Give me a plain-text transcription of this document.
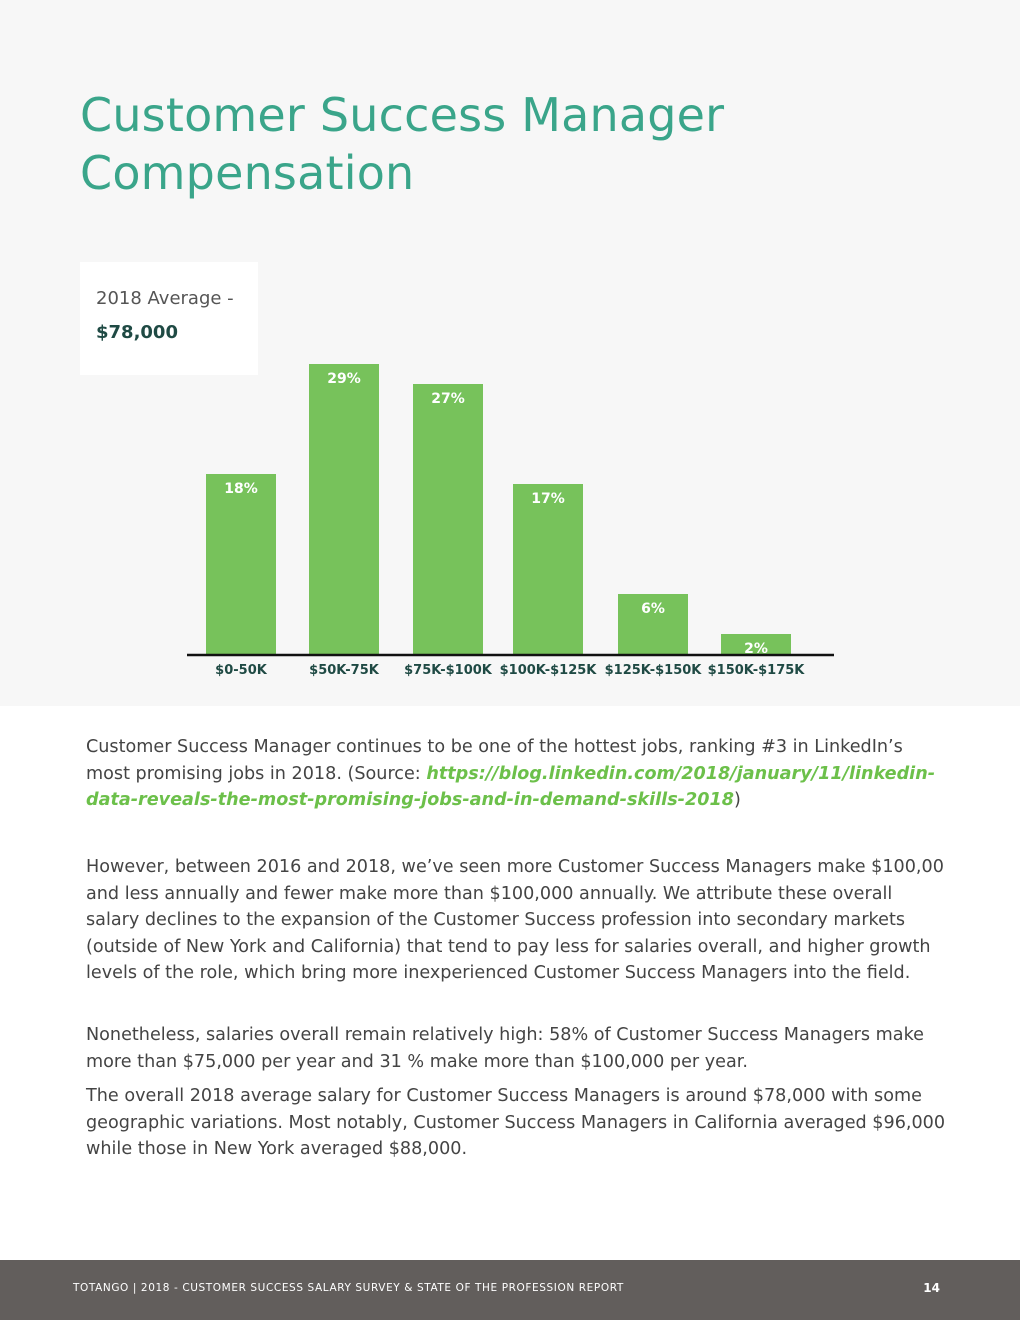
Customer Success Manager
Compensation
2018 Average -
$78,000
18%
$0-50K
29%
$50K-75K
27%
$75K-$100K
17%
$100K-$125K
6%
$125K-$150K
2%
$150K-$175K

Customer Success Manager continues to be one of the hottest jobs, ranking #3 in LinkedIn’s most promising jobs in 2018. (Source: https://blog.linkedin.com/2018/january/11/linkedin-data-reveals-the-most-promising-jobs-and-in-demand-skills-2018)

However, between 2016 and 2018, we’ve seen more Customer Success Managers make $100,00 and less annually and fewer make more than $100,000 annually. We attribute these overall salary declines to the expansion of the Customer Success profession into secondary markets (outside of New York and California) that tend to pay less for salaries overall, and higher growth levels of the role, which bring more inexperienced Customer Success Managers into the field.

Nonetheless, salaries overall remain relatively high: 58% of Customer Success Managers make more than $75,000 per year and 31 % make more than $100,000 per year.

The overall 2018 average salary for Customer Success Managers is around $78,000 with some geographic variations. Most notably, Customer Success Managers in California averaged $96,000 while those in New York averaged $88,000.

TOTANGO | 2018 - CUSTOMER SUCCESS SALARY SURVEY & STATE OF THE PROFESSION REPORT	14
